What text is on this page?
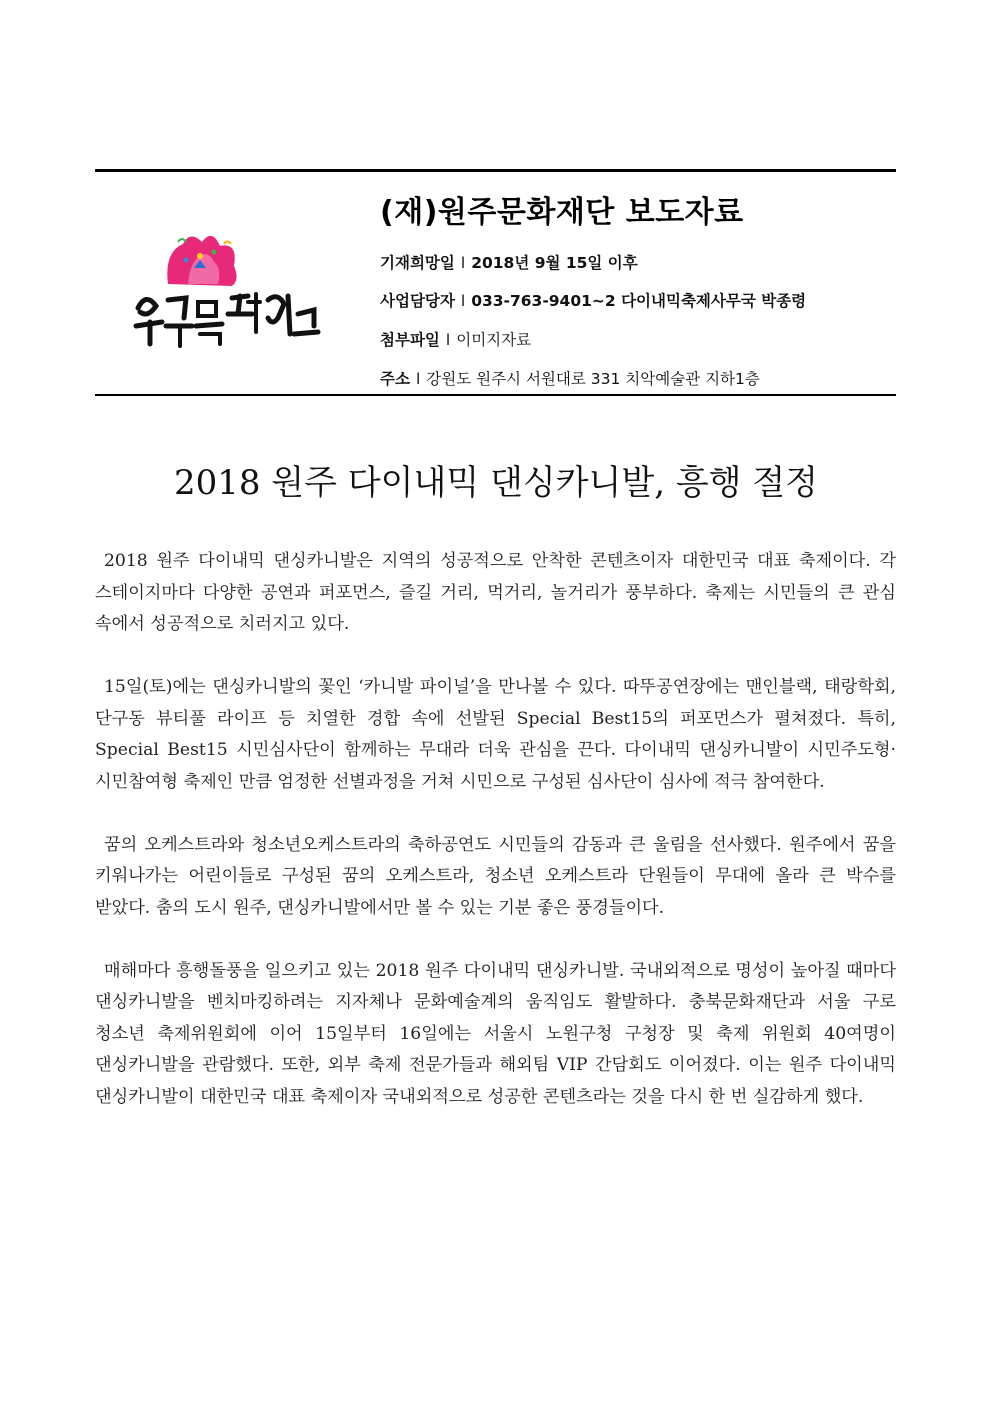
(재)원주문화재단 보도자료
기재희망일 l 2018년 9월 15일 이후
사업담당자 l 033-763-9401~2 다이내믹축제사무국 박종령
첨부파일 l 이미지자료
주소 l 강원도 원주시 서원대로 331 치악예술관 지하1층
2018 원주 다이내믹 댄싱카니발, 흥행 절정

2018 원주 다이내믹 댄싱카니발은 지역의 성공적으로 안착한 콘텐츠이자 대한민국 대표 축제이다. 각 스테이지마다 다양한 공연과 퍼포먼스, 즐길 거리, 먹거리, 놀거리가 풍부하다. 축제는 시민들의 큰 관심 속에서 성공적으로 치러지고 있다.

15일(토)에는 댄싱카니발의 꽃인 ‘카니발 파이널’을 만나볼 수 있다. 따뚜공연장에는 맨인블랙, 태랑학회, 단구동 뷰티풀 라이프 등 치열한 경합 속에 선발된 Special Best15의 퍼포먼스가 펼쳐졌다. 특히, Special Best15 시민심사단이 함께하는 무대라 더욱 관심을 끈다. 다이내믹 댄싱카니발이 시민주도형·시민참여형 축제인 만큼 엄정한 선별과정을 거쳐 시민으로 구성된 심사단이 심사에 적극 참여한다.

꿈의 오케스트라와 청소년오케스트라의 축하공연도 시민들의 감동과 큰 울림을 선사했다. 원주에서 꿈을 키워나가는 어린이들로 구성된 꿈의 오케스트라, 청소년 오케스트라 단원들이 무대에 올라 큰 박수를 받았다. 춤의 도시 원주, 댄싱카니발에서만 볼 수 있는 기분 좋은 풍경들이다.

매해마다 흥행돌풍을 일으키고 있는 2018 원주 다이내믹 댄싱카니발. 국내외적으로 명성이 높아질 때마다 댄싱카니발을 벤치마킹하려는 지자체나 문화예술계의 움직임도 활발하다. 충북문화재단과 서울 구로 청소년 축제위원회에 이어 15일부터 16일에는 서울시 노원구청 구청장 및 축제 위원회 40여명이 댄싱카니발을 관람했다. 또한, 외부 축제 전문가들과 해외팀 VIP 간담회도 이어졌다. 이는 원주 다이내믹 댄싱카니발이 대한민국 대표 축제이자 국내외적으로 성공한 콘텐츠라는 것을 다시 한 번 실감하게 했다.
